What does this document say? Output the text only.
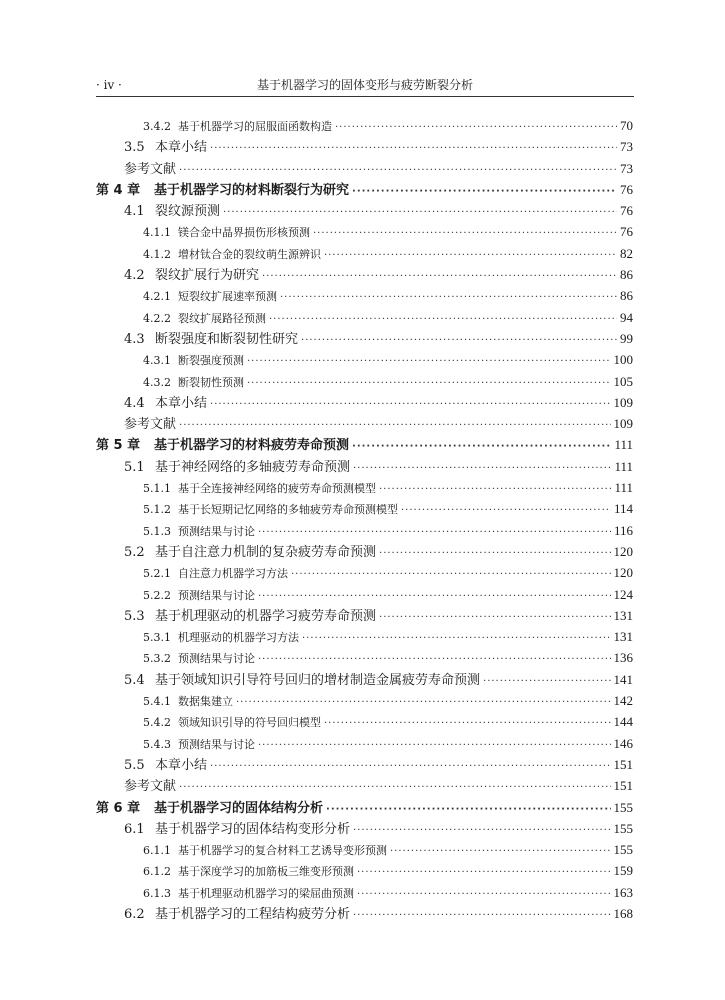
· iv ·	基于机器学习的固体变形与疲劳断裂分析
3.4.2 基于机器学习的屈服面函数构造 ·····	70
3.5 本章小结 ·····	73
参考文献 ·····	73
第 4 章	基于机器学习的材料断裂行为研究 ·····	76
4.1 裂纹源预测 ·····	76
4.1.1 镁合金中晶界损伤形核预测 ·····	76
4.1.2 增材钛合金的裂纹萌生源辨识 ·····	82
4.2 裂纹扩展行为研究 ·····	86
4.2.1 短裂纹扩展速率预测 ·····	86
4.2.2 裂纹扩展路径预测 ·····	94
4.3 断裂强度和断裂韧性研究 ·····	99
4.3.1 断裂强度预测 ·····	100
4.3.2 断裂韧性预测 ·····	105
4.4 本章小结 ·····	109
参考文献 ·····	109
第 5 章	基于机器学习的材料疲劳寿命预测 ·····	111
5.1 基于神经网络的多轴疲劳寿命预测 ·····	111
5.1.1 基于全连接神经网络的疲劳寿命预测模型 ·····	111
5.1.2 基于长短期记忆网络的多轴疲劳寿命预测模型 ·····	114
5.1.3 预测结果与讨论 ·····	116
5.2 基于自注意力机制的复杂疲劳寿命预测 ·····	120
5.2.1 自注意力机器学习方法 ·····	120
5.2.2 预测结果与讨论 ·····	124
5.3 基于机理驱动的机器学习疲劳寿命预测 ·····	131
5.3.1 机理驱动的机器学习方法 ·····	131
5.3.2 预测结果与讨论 ·····	136
5.4 基于领域知识引导符号回归的增材制造金属疲劳寿命预测 ·····	141
5.4.1 数据集建立 ·····	142
5.4.2 领域知识引导的符号回归模型 ·····	144
5.4.3 预测结果与讨论 ·····	146
5.5 本章小结 ·····	151
参考文献 ·····	151
第 6 章	基于机器学习的固体结构分析 ·····	155
6.1 基于机器学习的固体结构变形分析 ·····	155
6.1.1 基于机器学习的复合材料工艺诱导变形预测 ·····	155
6.1.2 基于深度学习的加筋板三维变形预测 ·····	159
6.1.3 基于机理驱动机器学习的梁屈曲预测 ·····	163
6.2 基于机器学习的工程结构疲劳分析 ·····	168
